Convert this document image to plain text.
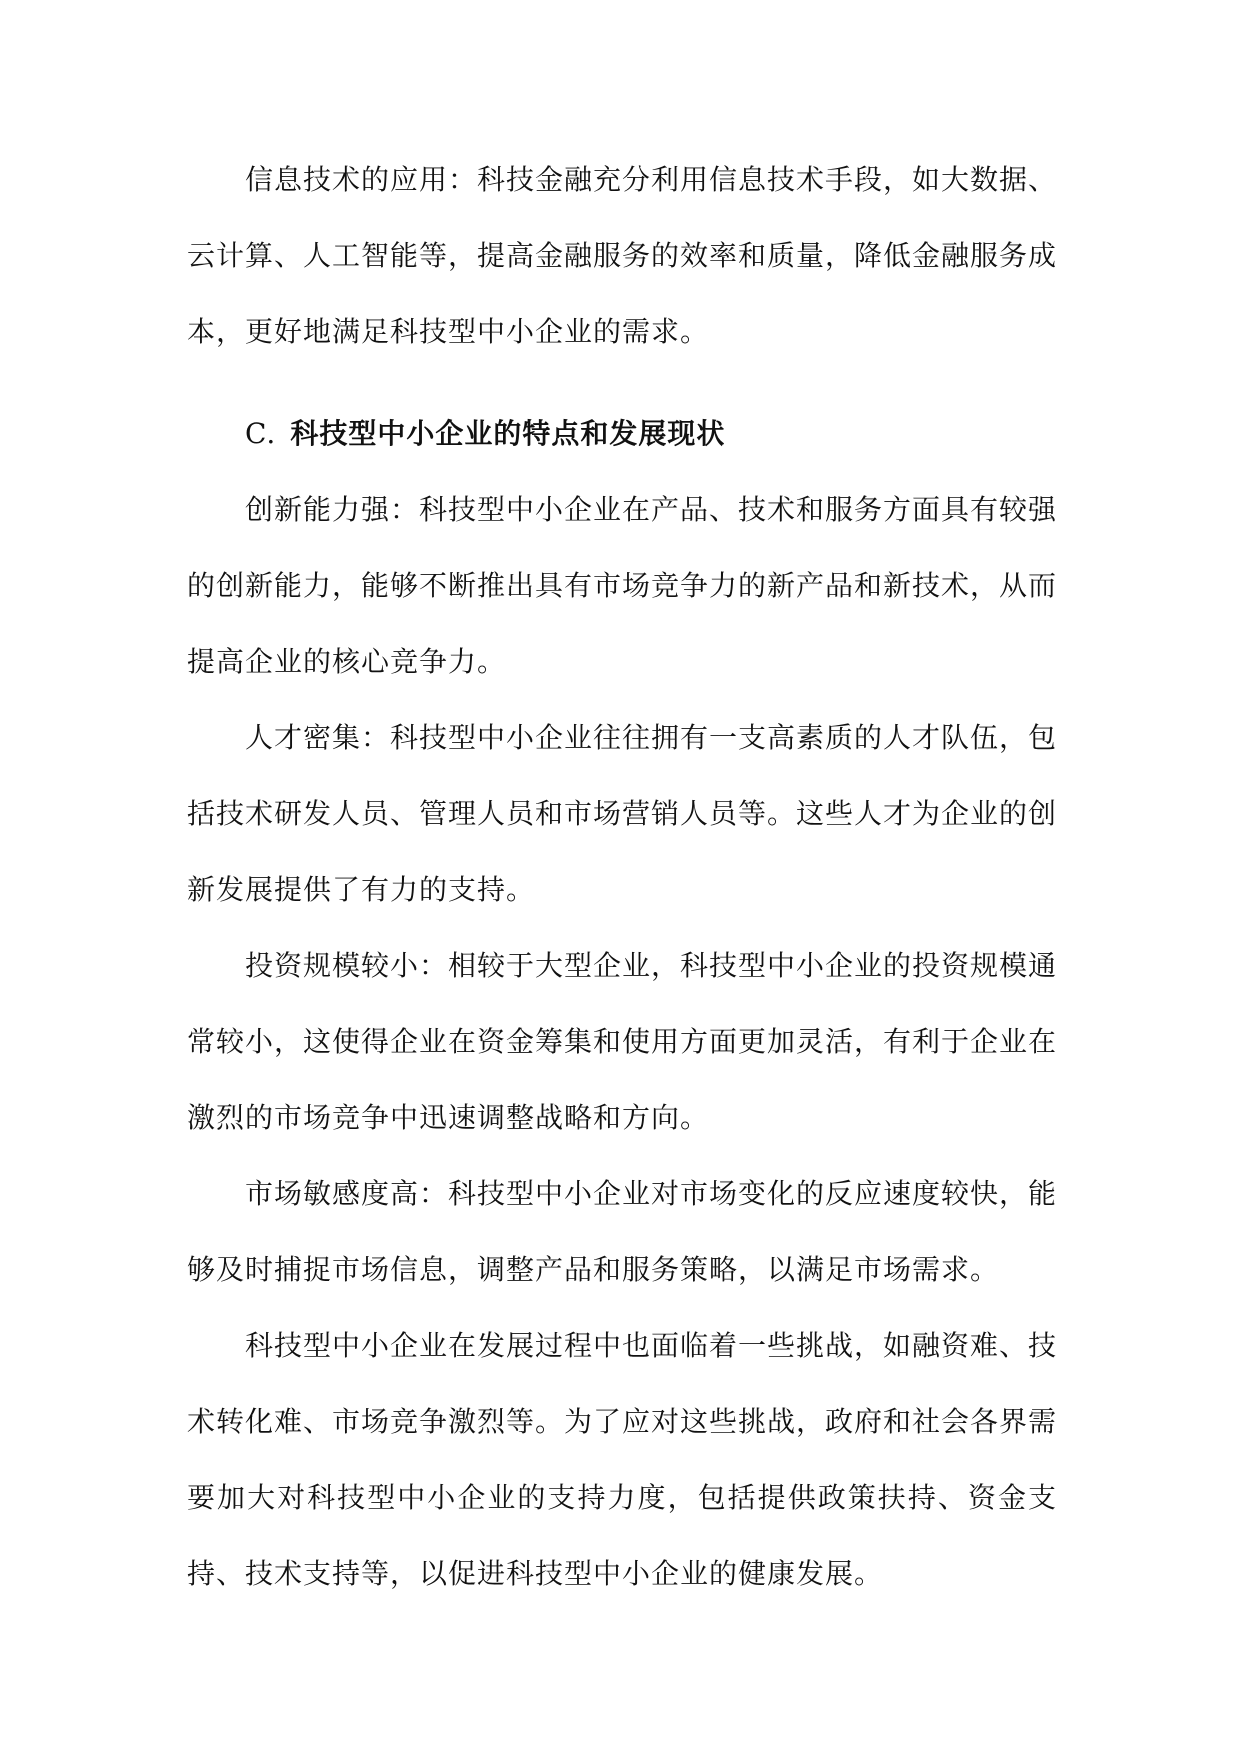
信息技术的应用：科技金融充分利用信息技术手段，如大数据、云计算、人工智能等，提高金融服务的效率和质量，降低金融服务成本，更好地满足科技型中小企业的需求。

C. 科技型中小企业的特点和发展现状

创新能力强：科技型中小企业在产品、技术和服务方面具有较强的创新能力，能够不断推出具有市场竞争力的新产品和新技术，从而提高企业的核心竞争力。

人才密集：科技型中小企业往往拥有一支高素质的人才队伍，包括技术研发人员、管理人员和市场营销人员等。这些人才为企业的创新发展提供了有力的支持。

投资规模较小：相较于大型企业，科技型中小企业的投资规模通常较小，这使得企业在资金筹集和使用方面更加灵活，有利于企业在激烈的市场竞争中迅速调整战略和方向。

市场敏感度高：科技型中小企业对市场变化的反应速度较快，能够及时捕捉市场信息，调整产品和服务策略，以满足市场需求。

科技型中小企业在发展过程中也面临着一些挑战，如融资难、技术转化难、市场竞争激烈等。为了应对这些挑战，政府和社会各界需要加大对科技型中小企业的支持力度，包括提供政策扶持、资金支持、技术支持等，以促进科技型中小企业的健康发展。
